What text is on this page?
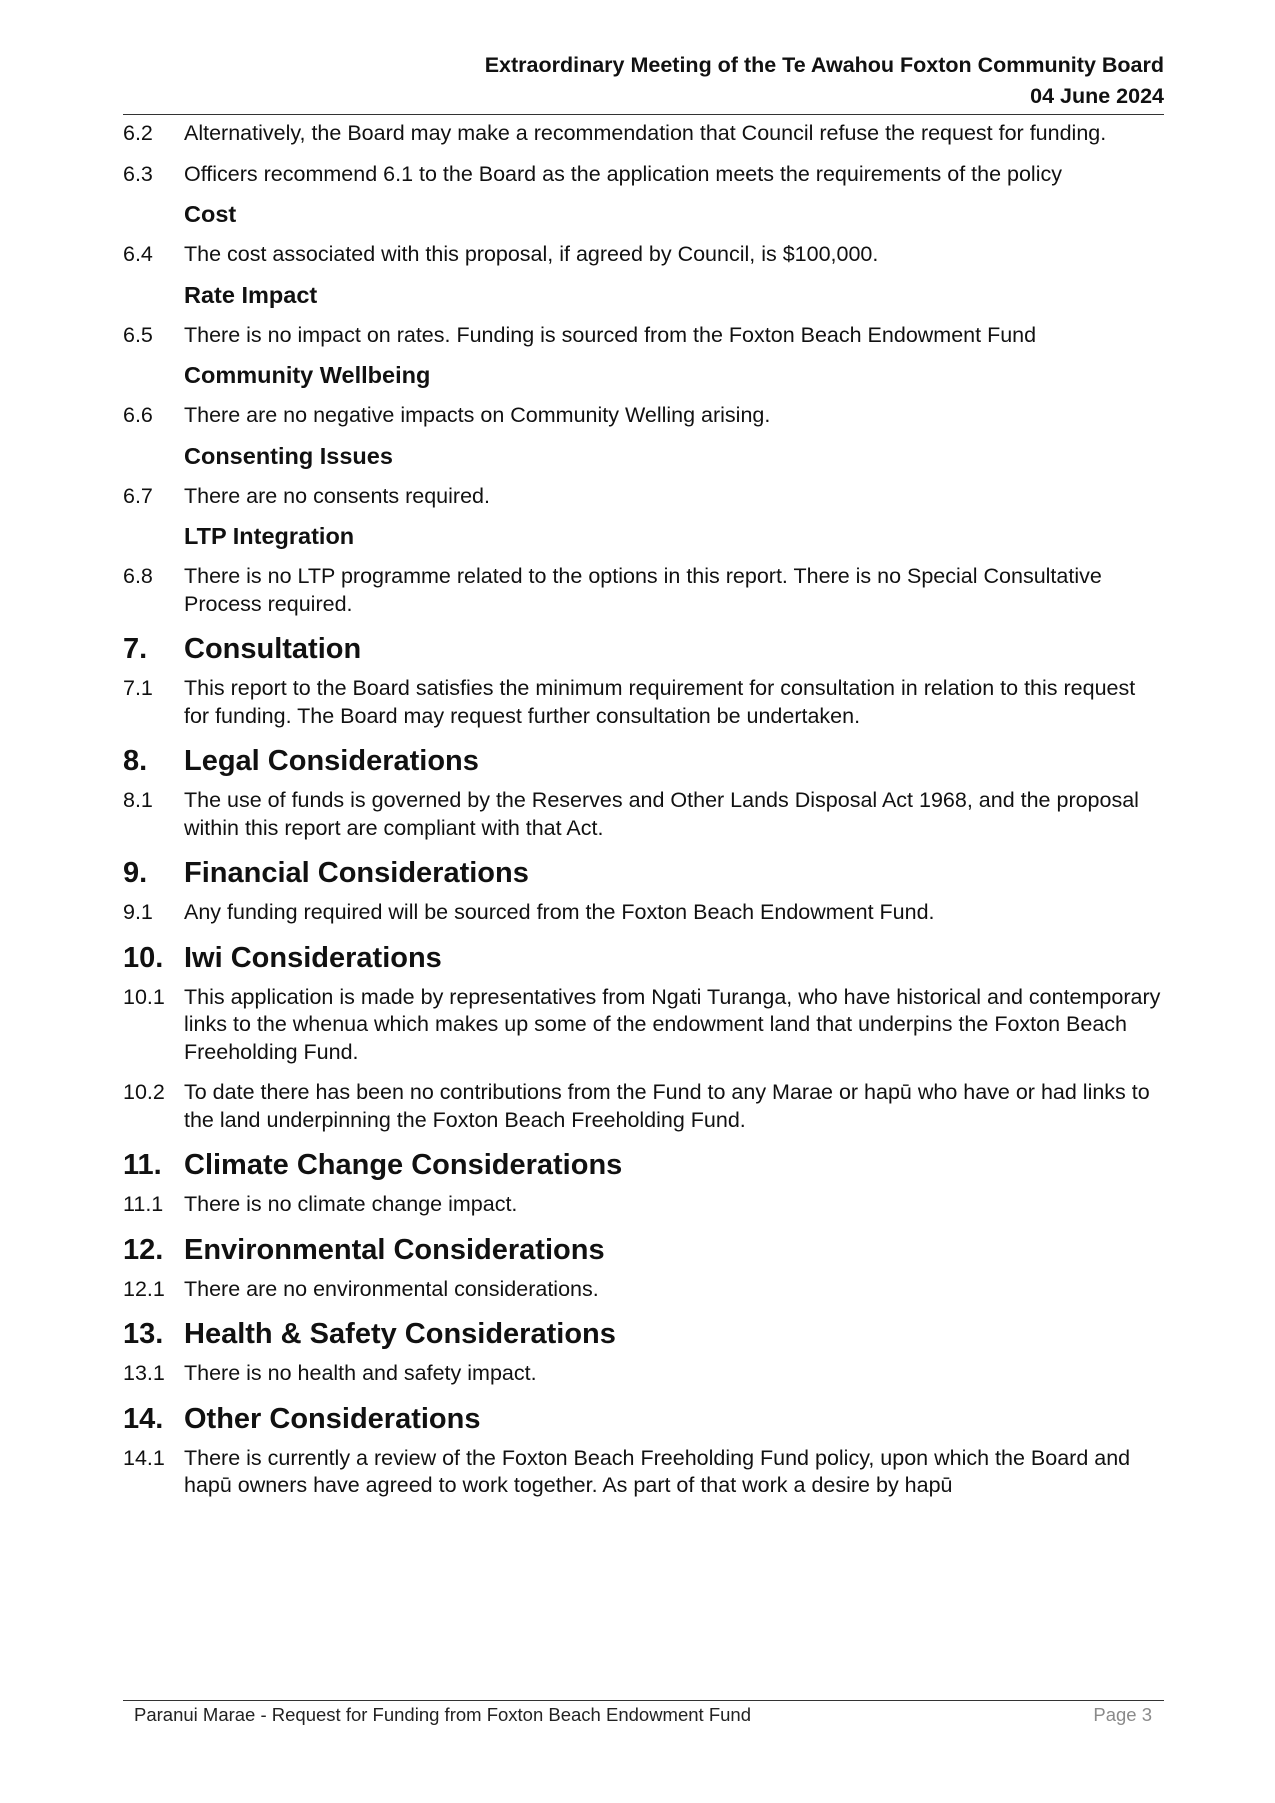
Extraordinary Meeting of the Te Awahou Foxton Community Board
04 June 2024
6.2	Alternatively, the Board may make a recommendation that Council refuse the request for funding.
6.3	Officers recommend 6.1 to the Board as the application meets the requirements of the policy
Cost
6.4	The cost associated with this proposal, if agreed by Council, is $100,000.
Rate Impact
6.5	There is no impact on rates. Funding is sourced from the Foxton Beach Endowment Fund
Community Wellbeing
6.6	There are no negative impacts on Community Welling arising.
Consenting Issues
6.7	There are no consents required.
LTP Integration
6.8	There is no LTP programme related to the options in this report. There is no Special Consultative Process required.
7.	Consultation
7.1	This report to the Board satisfies the minimum requirement for consultation in relation to this request for funding. The Board may request further consultation be undertaken.
8.	Legal Considerations
8.1	The use of funds is governed by the Reserves and Other Lands Disposal Act 1968, and the proposal within this report are compliant with that Act.
9.	Financial Considerations
9.1	Any funding required will be sourced from the Foxton Beach Endowment Fund.
10. Iwi Considerations
10.1 This application is made by representatives from Ngati Turanga, who have historical and contemporary links to the whenua which makes up some of the endowment land that underpins the Foxton Beach Freeholding Fund.
10.2 To date there has been no contributions from the Fund to any Marae or hapū who have or had links to the land underpinning the Foxton Beach Freeholding Fund.
11. Climate Change Considerations
11.1 There is no climate change impact.
12. Environmental Considerations
12.1 There are no environmental considerations.
13. Health & Safety Considerations
13.1 There is no health and safety impact.
14. Other Considerations
14.1 There is currently a review of the Foxton Beach Freeholding Fund policy, upon which the Board and hapū owners have agreed to work together. As part of that work a desire by hapū
Paranui Marae - Request for Funding from Foxton Beach Endowment Fund	Page 3
